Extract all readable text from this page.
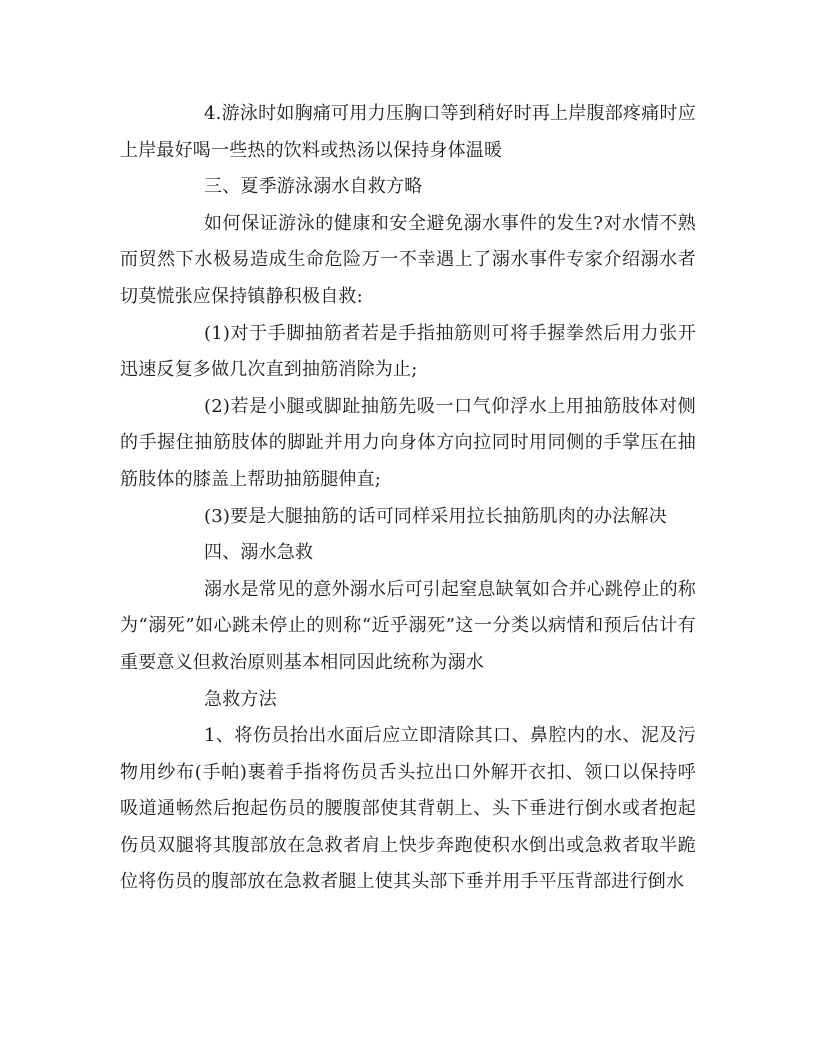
4.游泳时如胸痛可用力压胸口等到稍好时再上岸腹部疼痛时应上岸最好喝一些热的饮料或热汤以保持身体温暖

三、夏季游泳溺水自救方略

如何保证游泳的健康和安全避免溺水事件的发生?对水情不熟而贸然下水极易造成生命危险万一不幸遇上了溺水事件专家介绍溺水者切莫慌张应保持镇静积极自救:

(1)对于手脚抽筋者若是手指抽筋则可将手握拳然后用力张开迅速反复多做几次直到抽筋消除为止;

(2)若是小腿或脚趾抽筋先吸一口气仰浮水上用抽筋肢体对侧的手握住抽筋肢体的脚趾并用力向身体方向拉同时用同侧的手掌压在抽筋肢体的膝盖上帮助抽筋腿伸直;

(3)要是大腿抽筋的话可同样采用拉长抽筋肌肉的办法解决

四、溺水急救

溺水是常见的意外溺水后可引起窒息缺氧如合并心跳停止的称为“溺死”如心跳未停止的则称“近乎溺死”这一分类以病情和预后估计有重要意义但救治原则基本相同因此统称为溺水

急救方法

1、将伤员抬出水面后应立即清除其口、鼻腔内的水、泥及污物用纱布(手帕)裹着手指将伤员舌头拉出口外解开衣扣、领口以保持呼吸道通畅然后抱起伤员的腰腹部使其背朝上、头下垂进行倒水或者抱起伤员双腿将其腹部放在急救者肩上快步奔跑使积水倒出或急救者取半跪位将伤员的腹部放在急救者腿上使其头部下垂并用手平压背部进行倒水
